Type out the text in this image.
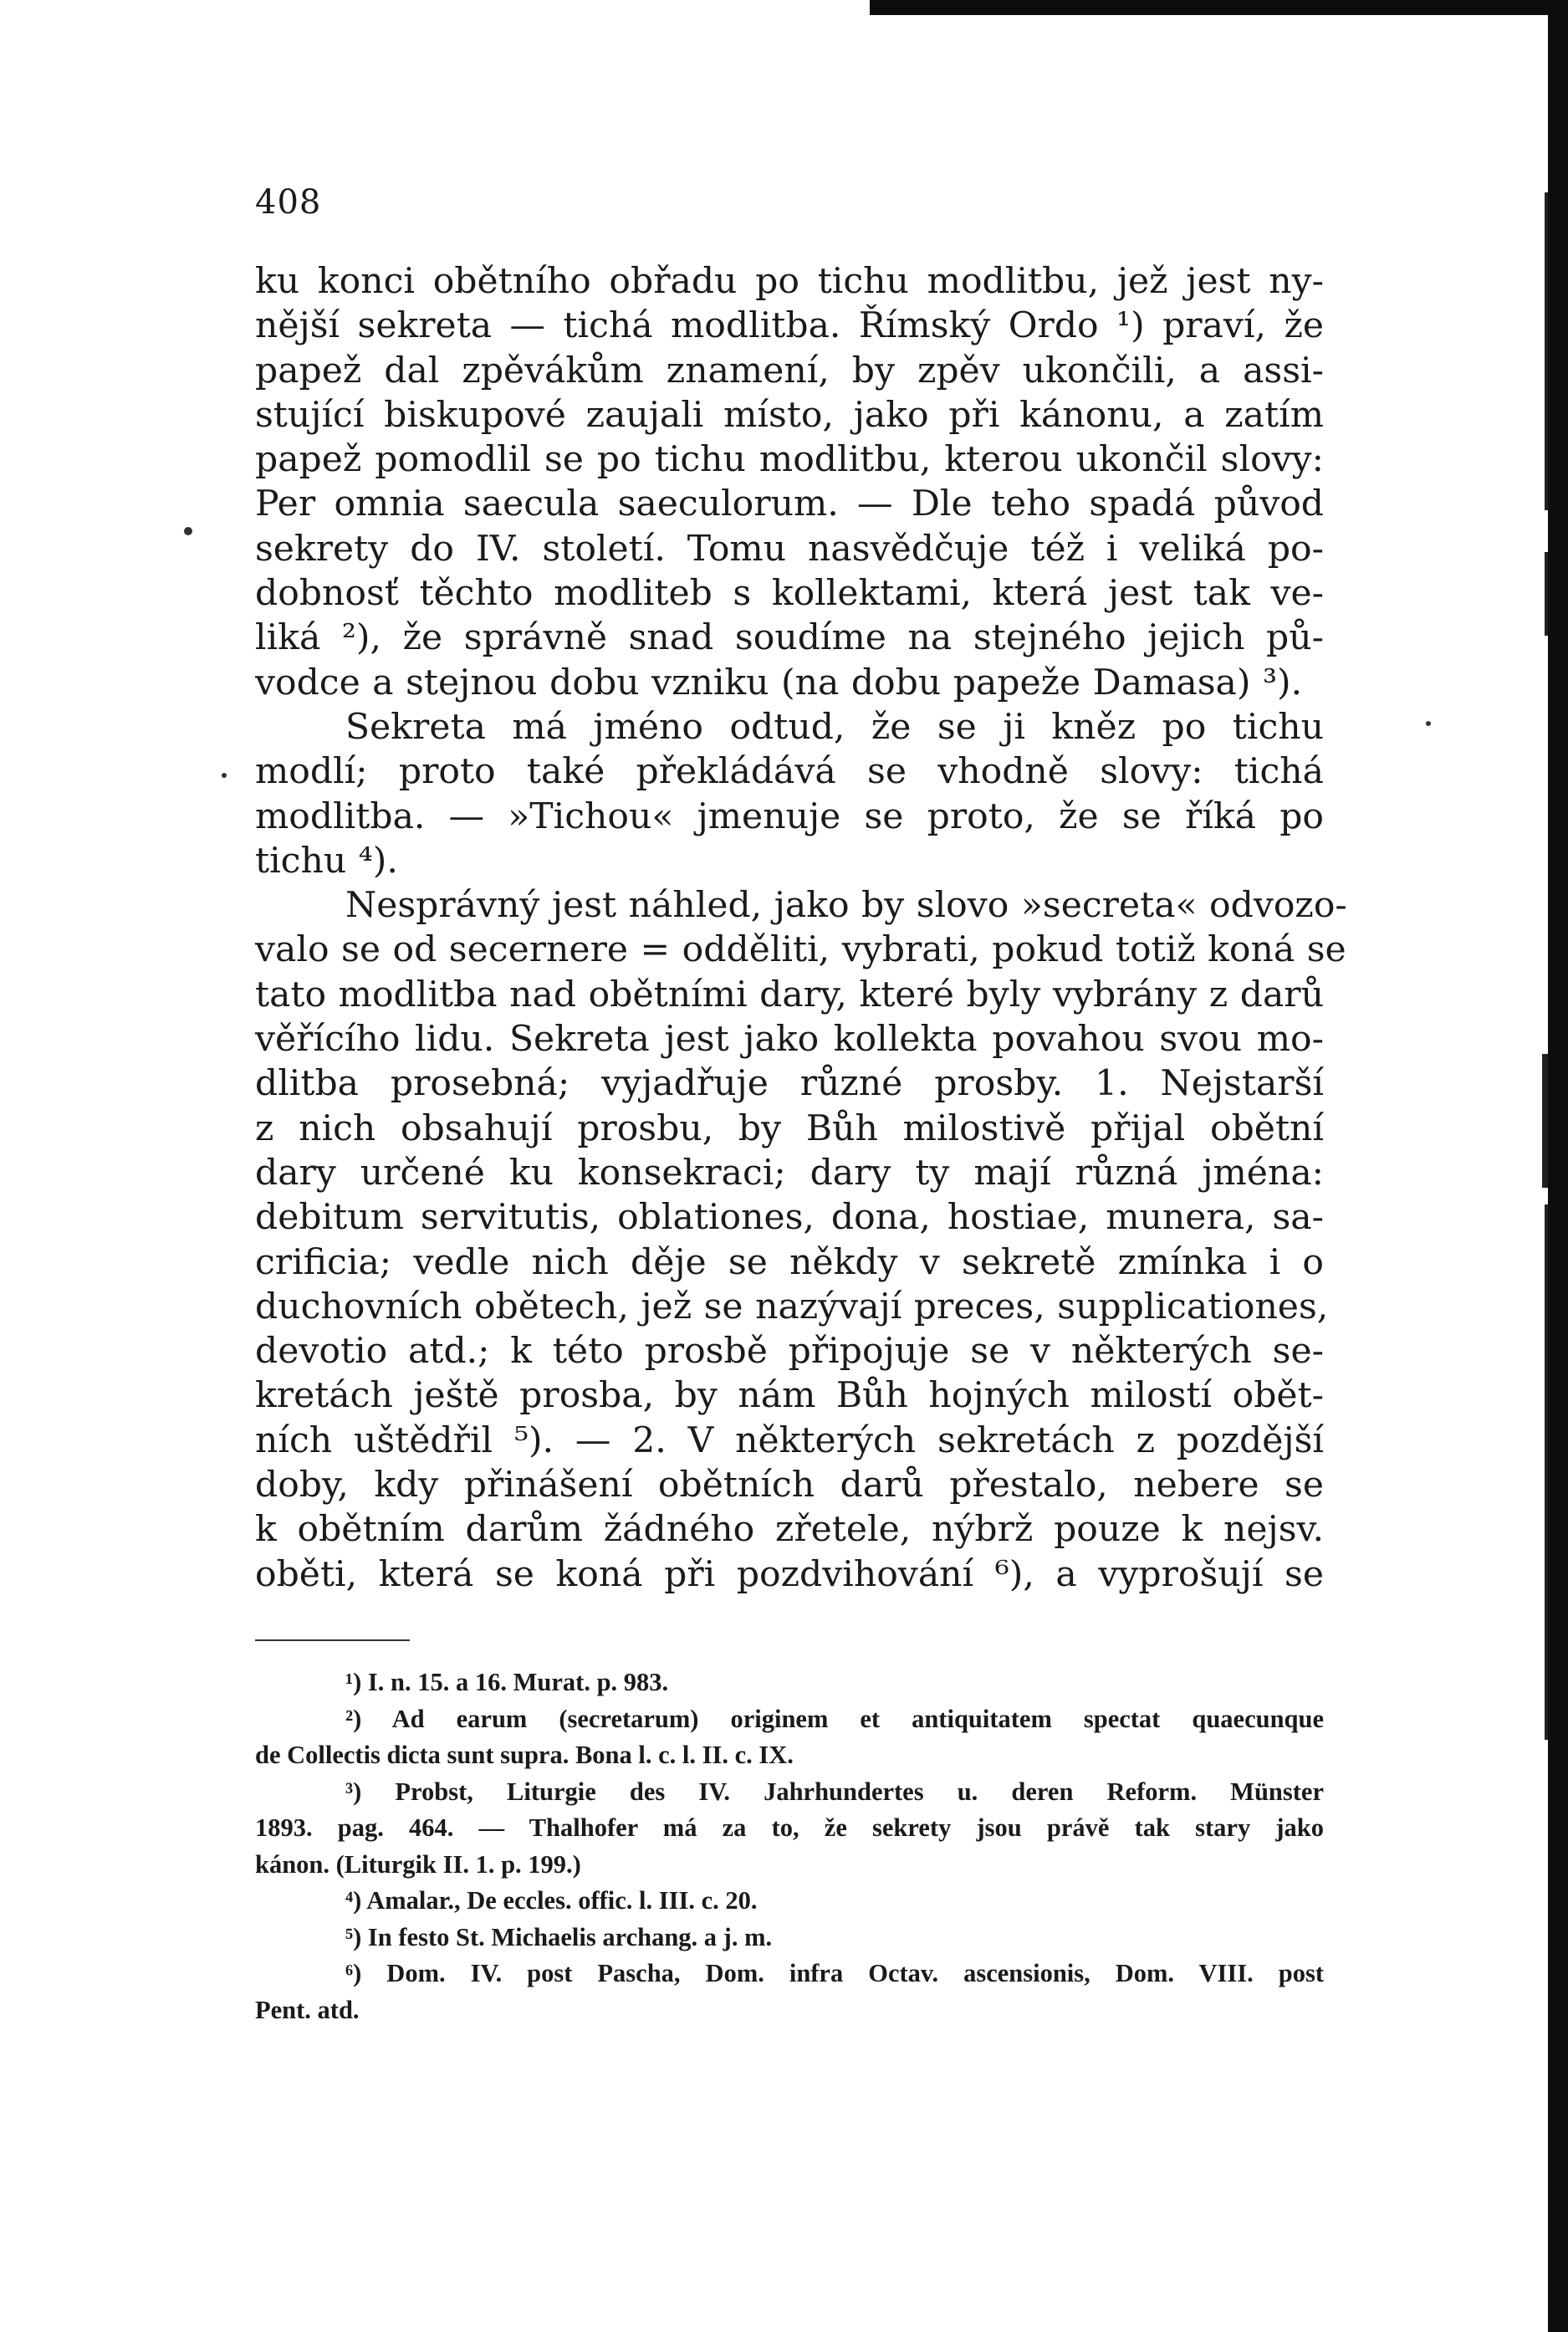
408

ku konci obětního obřadu po tichu modlitbu, jež jest ny-
nější sekreta — tichá modlitba. Římský Ordo ¹) praví, že
papež dal zpěvákům znamení, by zpěv ukončili, a assi-
stující biskupové zaujali místo, jako při kánonu, a zatím
papež pomodlil se po tichu modlitbu, kterou ukončil slovy:
Per omnia saecula saeculorum. — Dle teho spadá původ
sekrety do IV. století. Tomu nasvědčuje též i veliká po-
dobnosť těchto modliteb s kollektami, která jest tak ve-
liká ²), že správně snad soudíme na stejného jejich pů-
vodce a stejnou dobu vzniku (na dobu papeže Damasa) ³).

Sekreta má jméno odtud, že se ji kněz po tichu
modlí; proto také překládává se vhodně slovy: tichá
modlitba. — »Tichou« jmenuje se proto, že se říká po
tichu ⁴).

Nesprávný jest náhled, jako by slovo »secreta« odvozo-
valo se od secernere = odděliti, vybrati, pokud totiž koná se
tato modlitba nad obětními dary, které byly vybrány z darů
věřícího lidu. Sekreta jest jako kollekta povahou svou mo-
dlitba prosebná; vyjadřuje různé prosby. 1. Nejstarší
z nich obsahují prosbu, by Bůh milostivě přijal obětní
dary určené ku konsekraci; dary ty mají různá jména:
debitum servitutis, oblationes, dona, hostiae, munera, sa-
crificia; vedle nich děje se někdy v sekretě zmínka i o
duchovních obětech, jež se nazývají preces, supplicationes,
devotio atd.; k této prosbě připojuje se v některých se-
kretách ještě prosba, by nám Bůh hojných milostí obět-
ních uštědřil ⁵). — 2. V některých sekretách z pozdější
doby, kdy přinášení obětních darů přestalo, nebere se
k obětním darům žádného zřetele, nýbrž pouze k nejsv.
oběti, která se koná při pozdvihování ⁶), a vyprošují se

¹) I. n. 15. a 16. Murat. p. 983.
²) Ad earum (secretarum) originem et antiquitatem spectat quaecunque
de Collectis dicta sunt supra. Bona l. c. l. II. c. IX.
³) Probst, Liturgie des IV. Jahrhundertes u. deren Reform. Münster
1893. pag. 464. — Thalhofer má za to, že sekrety jsou právě tak stary jako
kánon. (Liturgik II. 1. p. 199.)
⁴) Amalar., De eccles. offic. l. III. c. 20.
⁵) In festo St. Michaelis archang. a j. m.
⁶) Dom. IV. post Pascha, Dom. infra Octav. ascensionis, Dom. VIII. post
Pent. atd.
